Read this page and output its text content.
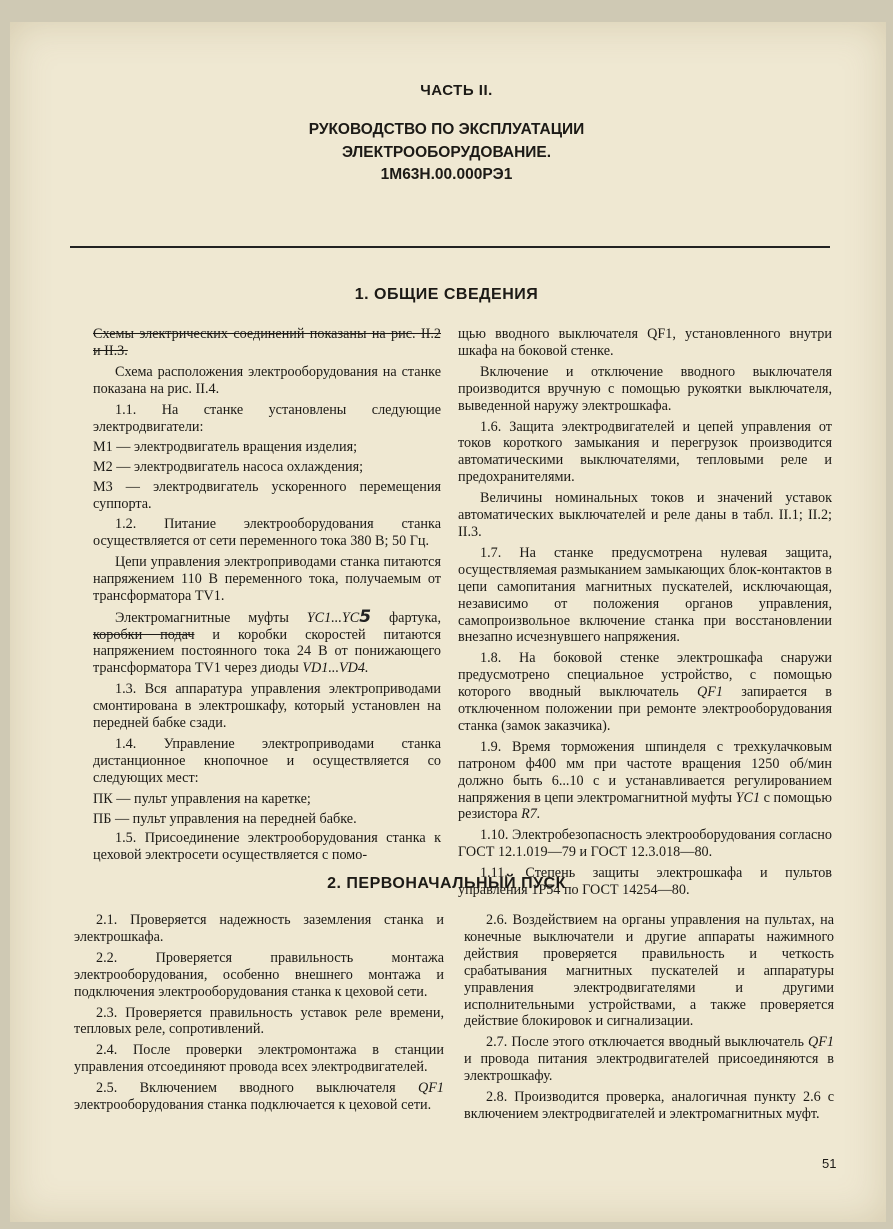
ЧАСТЬ II.
РУКОВОДСТВО ПО ЭКСПЛУАТАЦИИ
ЭЛЕКТРООБОРУДОВАНИЕ.
1М63Н.00.000РЭ1
1. ОБЩИЕ СВЕДЕНИЯ

Схемы электрических соединений показаны на рис. II.2 и II.3.

Схема расположения электрооборудования на станке показана на рис. II.4.

1.1. На станке установлены следующие электродвигатели:

М1 — электродвигатель вращения изделия;

М2 — электродвигатель насоса охлаждения;

М3 — электродвигатель ускоренного перемещения суппорта.

1.2. Питание электрооборудования станка осуществляется от сети переменного тока 380 В; 50 Гц.

Цепи управления электроприводами станка питаются напряжением 110 В переменного тока, получаемым от трансформатора TV1.

Электромагнитные муфты YC1...YC5 фартука, коробки подач и коробки скоростей питаются напряжением постоянного тока 24 В от понижающего трансформатора TV1 через диоды VD1...VD4.

1.3. Вся аппаратура управления электроприводами смонтирована в электрошкафу, который установлен на передней бабке сзади.

1.4. Управление электроприводами станка дистанционное кнопочное и осуществляется со следующих мест:

ПК — пульт управления на каретке;

ПБ — пульт управления на передней бабке.

1.5. Присоединение электрооборудования станка к цеховой электросети осуществляется с помо-

щью вводного выключателя QF1, установленного внутри шкафа на боковой стенке.

Включение и отключение вводного выключателя производится вручную с помощью рукоятки выключателя, выведенной наружу электрошкафа.

1.6. Защита электродвигателей и цепей управления от токов короткого замыкания и перегрузок производится автоматическими выключателями, тепловыми реле и предохранителями.

Величины номинальных токов и значений уставок автоматических выключателей и реле даны в табл. II.1; II.2; II.3.

1.7. На станке предусмотрена нулевая защита, осуществляемая размыканием замыкающих блок-контактов в цепи самопитания магнитных пускателей, исключающая, независимо от положения органов управления, самопроизвольное включение станка при восстановлении внезапно исчезнувшего напряжения.

1.8. На боковой стенке электрошкафа снаружи предусмотрено специальное устройство, с помощью которого вводный выключатель QF1 запирается в отключенном положении при ремонте электрооборудования станка (замок заказчика).

1.9. Время торможения шпинделя с трехкулачковым патроном ф400 мм при частоте вращения 1250 об/мин должно быть 6...10 с и устанавливается регулированием напряжения в цепи электромагнитной муфты YC1 с помощью резистора R7.

1.10. Электробезопасность электрооборудования согласно ГОСТ 12.1.019—79 и ГОСТ 12.3.018—80.

1.11. Степень защиты электрошкафа и пультов управления 1Р54 по ГОСТ 14254—80.

2. ПЕРВОНАЧАЛЬНЫЙ ПУСК

2.1. Проверяется надежность заземления станка и электрошкафа.

2.2. Проверяется правильность монтажа электрооборудования, особенно внешнего монтажа и подключения электрооборудования станка к цеховой сети.

2.3. Проверяется правильность уставок реле времени, тепловых реле, сопротивлений.

2.4. После проверки электромонтажа в станции управления отсоединяют провода всех электродвигателей.

2.5. Включением вводного выключателя QF1 электрооборудования станка подключается к цеховой сети.

2.6. Воздействием на органы управления на пультах, на конечные выключатели и другие аппараты нажимного действия проверяется правильность и четкость срабатывания магнитных пускателей и аппаратуры управления электродвигателями и другими исполнительными устройствами, а также проверяется действие блокировок и сигнализации.

2.7. После этого отключается вводный выключатель QF1 и провода питания электродвигателей присоединяются в электрошкафу.

2.8. Производится проверка, аналогичная пункту 2.6 с включением электродвигателей и электромагнитных муфт.

51
